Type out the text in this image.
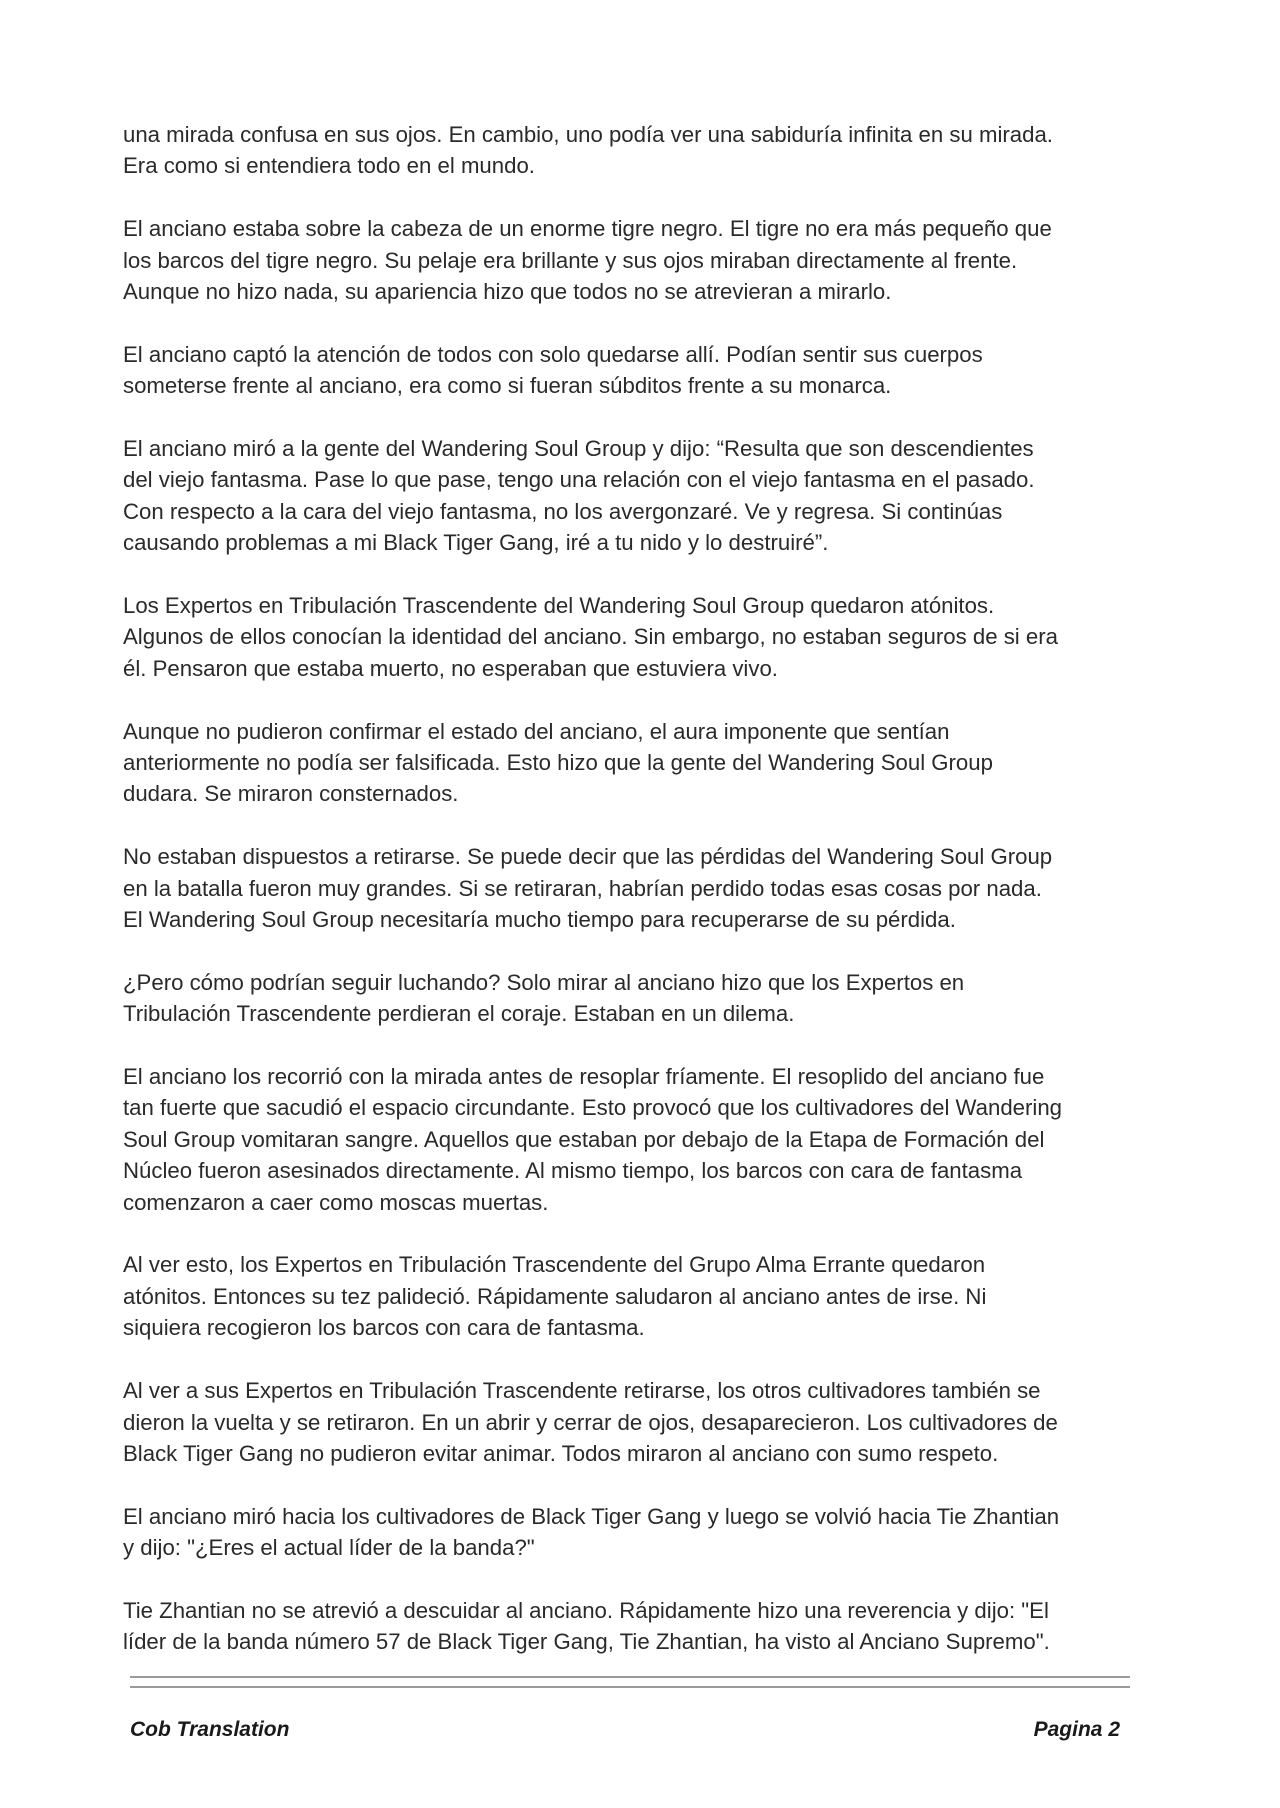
una mirada confusa en sus ojos. En cambio, uno podía ver una sabiduría infinita en su mirada.
Era como si entendiera todo en el mundo.

El anciano estaba sobre la cabeza de un enorme tigre negro. El tigre no era más pequeño que
los barcos del tigre negro. Su pelaje era brillante y sus ojos miraban directamente al frente.
Aunque no hizo nada, su apariencia hizo que todos no se atrevieran a mirarlo.

El anciano captó la atención de todos con solo quedarse allí. Podían sentir sus cuerpos
someterse frente al anciano, era como si fueran súbditos frente a su monarca.

El anciano miró a la gente del Wandering Soul Group y dijo: “Resulta que son descendientes
del viejo fantasma. Pase lo que pase, tengo una relación con el viejo fantasma en el pasado.
Con respecto a la cara del viejo fantasma, no los avergonzaré. Ve y regresa. Si continúas
causando problemas a mi Black Tiger Gang, iré a tu nido y lo destruiré”.

Los Expertos en Tribulación Trascendente del Wandering Soul Group quedaron atónitos.
Algunos de ellos conocían la identidad del anciano. Sin embargo, no estaban seguros de si era
él. Pensaron que estaba muerto, no esperaban que estuviera vivo.

Aunque no pudieron confirmar el estado del anciano, el aura imponente que sentían
anteriormente no podía ser falsificada. Esto hizo que la gente del Wandering Soul Group
dudara. Se miraron consternados.

No estaban dispuestos a retirarse. Se puede decir que las pérdidas del Wandering Soul Group
en la batalla fueron muy grandes. Si se retiraran, habrían perdido todas esas cosas por nada.
El Wandering Soul Group necesitaría mucho tiempo para recuperarse de su pérdida.

¿Pero cómo podrían seguir luchando? Solo mirar al anciano hizo que los Expertos en
Tribulación Trascendente perdieran el coraje. Estaban en un dilema.

El anciano los recorrió con la mirada antes de resoplar fríamente. El resoplido del anciano fue
tan fuerte que sacudió el espacio circundante. Esto provocó que los cultivadores del Wandering
Soul Group vomitaran sangre. Aquellos que estaban por debajo de la Etapa de Formación del
Núcleo fueron asesinados directamente. Al mismo tiempo, los barcos con cara de fantasma
comenzaron a caer como moscas muertas.

Al ver esto, los Expertos en Tribulación Trascendente del Grupo Alma Errante quedaron
atónitos. Entonces su tez palideció. Rápidamente saludaron al anciano antes de irse. Ni
siquiera recogieron los barcos con cara de fantasma.

Al ver a sus Expertos en Tribulación Trascendente retirarse, los otros cultivadores también se
dieron la vuelta y se retiraron. En un abrir y cerrar de ojos, desaparecieron. Los cultivadores de
Black Tiger Gang no pudieron evitar animar. Todos miraron al anciano con sumo respeto.

El anciano miró hacia los cultivadores de Black Tiger Gang y luego se volvió hacia Tie Zhantian
y dijo: "¿Eres el actual líder de la banda?"

Tie Zhantian no se atrevió a descuidar al anciano. Rápidamente hizo una reverencia y dijo: "El
líder de la banda número 57 de Black Tiger Gang, Tie Zhantian, ha visto al Anciano Supremo".

Cob Translation	Pagina 2
